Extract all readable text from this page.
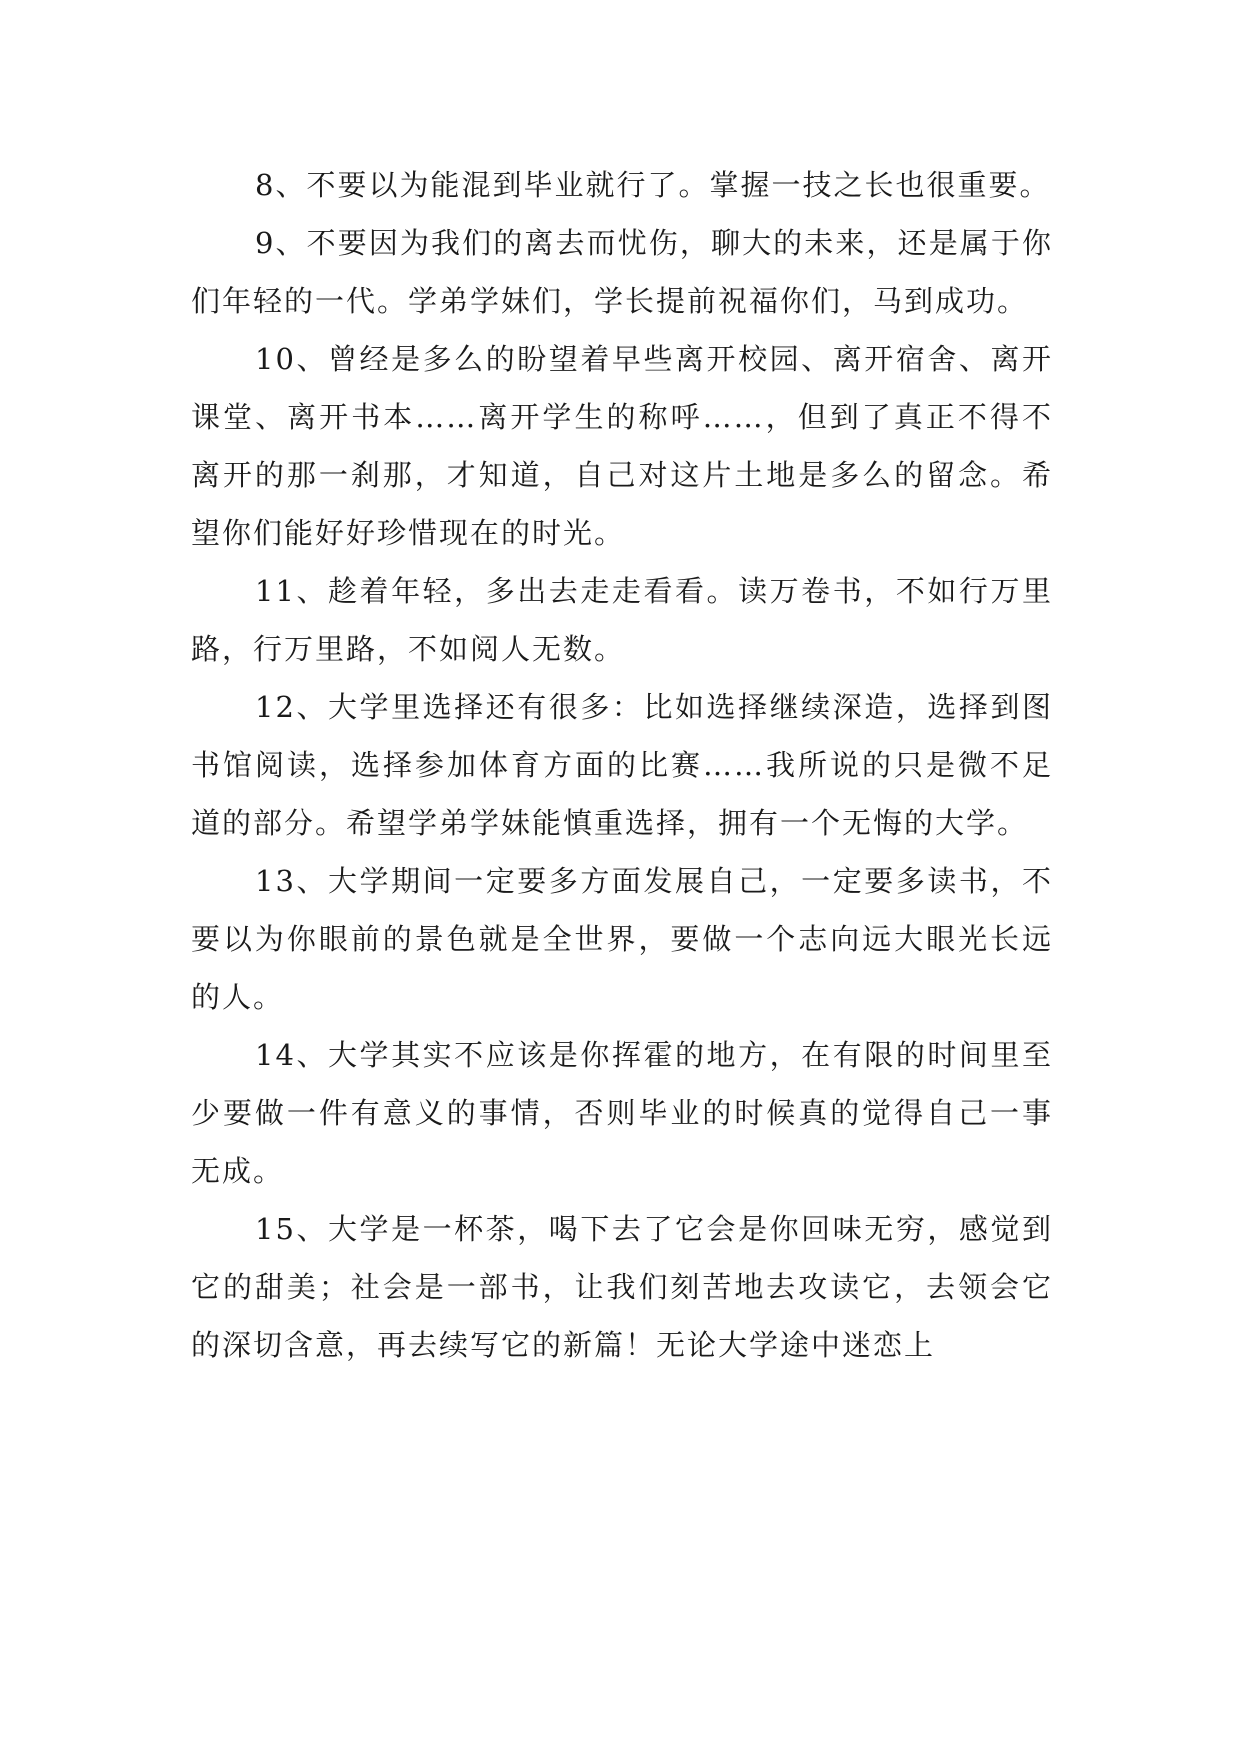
8、不要以为能混到毕业就行了。掌握一技之长也很重要。

9、不要因为我们的离去而忧伤，聊大的未来，还是属于你们年轻的一代。学弟学妹们，学长提前祝福你们，马到成功。

10、曾经是多么的盼望着早些离开校园、离开宿舍、离开课堂、离开书本……离开学生的称呼……，但到了真正不得不离开的那一刹那，才知道，自己对这片土地是多么的留念。希望你们能好好珍惜现在的时光。

11、趁着年轻，多出去走走看看。读万卷书，不如行万里路，行万里路，不如阅人无数。

12、大学里选择还有很多：比如选择继续深造，选择到图书馆阅读，选择参加体育方面的比赛……我所说的只是微不足道的部分。希望学弟学妹能慎重选择，拥有一个无悔的大学。

13、大学期间一定要多方面发展自己，一定要多读书，不要以为你眼前的景色就是全世界，要做一个志向远大眼光长远的人。

14、大学其实不应该是你挥霍的地方，在有限的时间里至少要做一件有意义的事情，否则毕业的时候真的觉得自己一事无成。

15、大学是一杯茶，喝下去了它会是你回味无穷，感觉到它的甜美；社会是一部书，让我们刻苦地去攻读它，去领会它的深切含意，再去续写它的新篇！无论大学途中迷恋上
